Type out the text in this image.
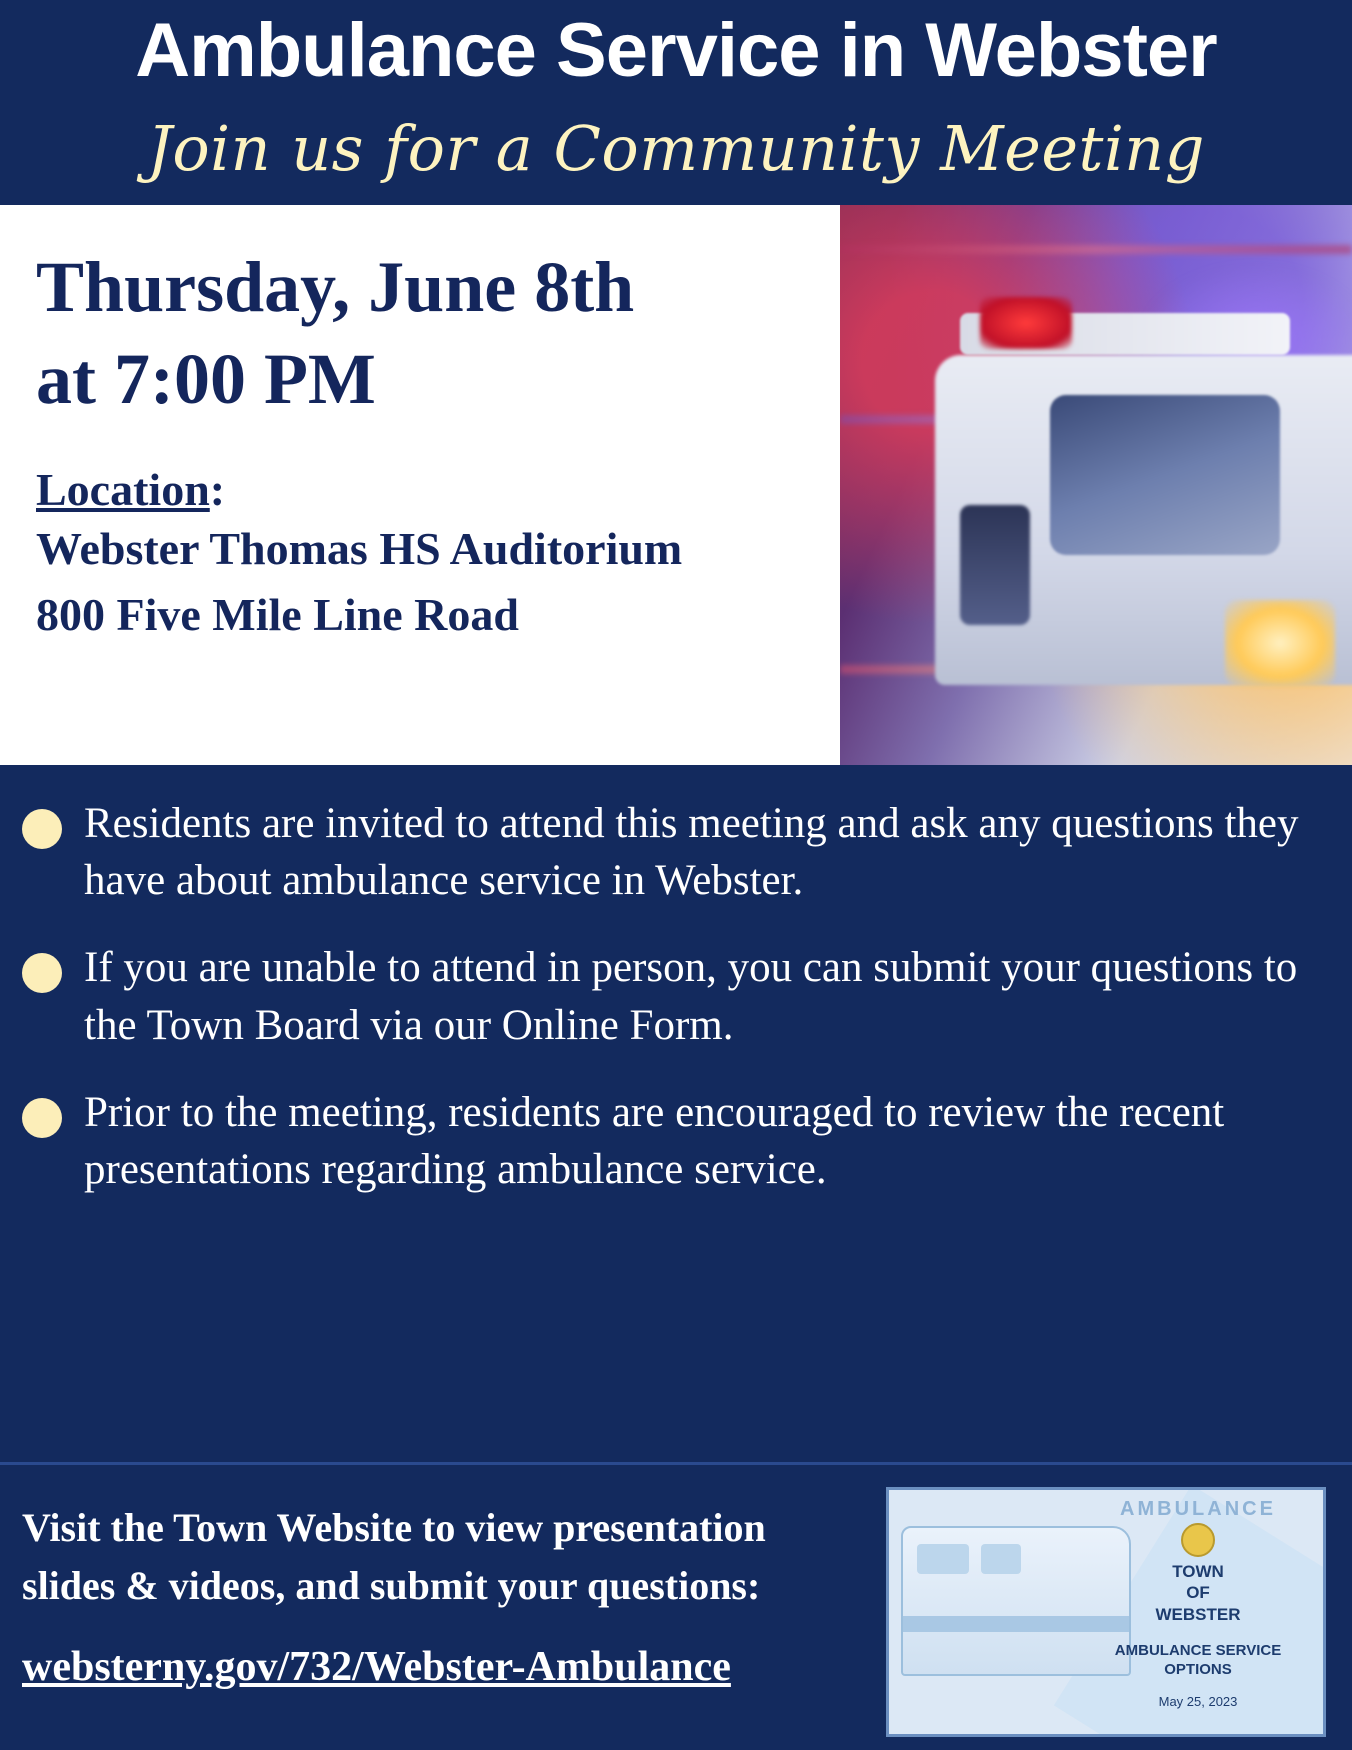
Ambulance Service in Webster
Join us for a Community Meeting
Thursday, June 8th
at 7:00 PM
Location:
Webster Thomas HS Auditorium
800 Five Mile Line Road
Residents are invited to attend this meeting and ask any questions they have about ambulance service in Webster.
If you are unable to attend in person, you can submit your questions to the Town Board via our Online Form.
Prior to the meeting, residents are encouraged to review the recent presentations regarding ambulance service.
Visit the Town Website to view presentation
slides & videos, and submit your questions:
websterny.gov/732/Webster-Ambulance
AMBULANCE
TOWN
OF
WEBSTER
AMBULANCE SERVICE
OPTIONS
May 25, 2023
